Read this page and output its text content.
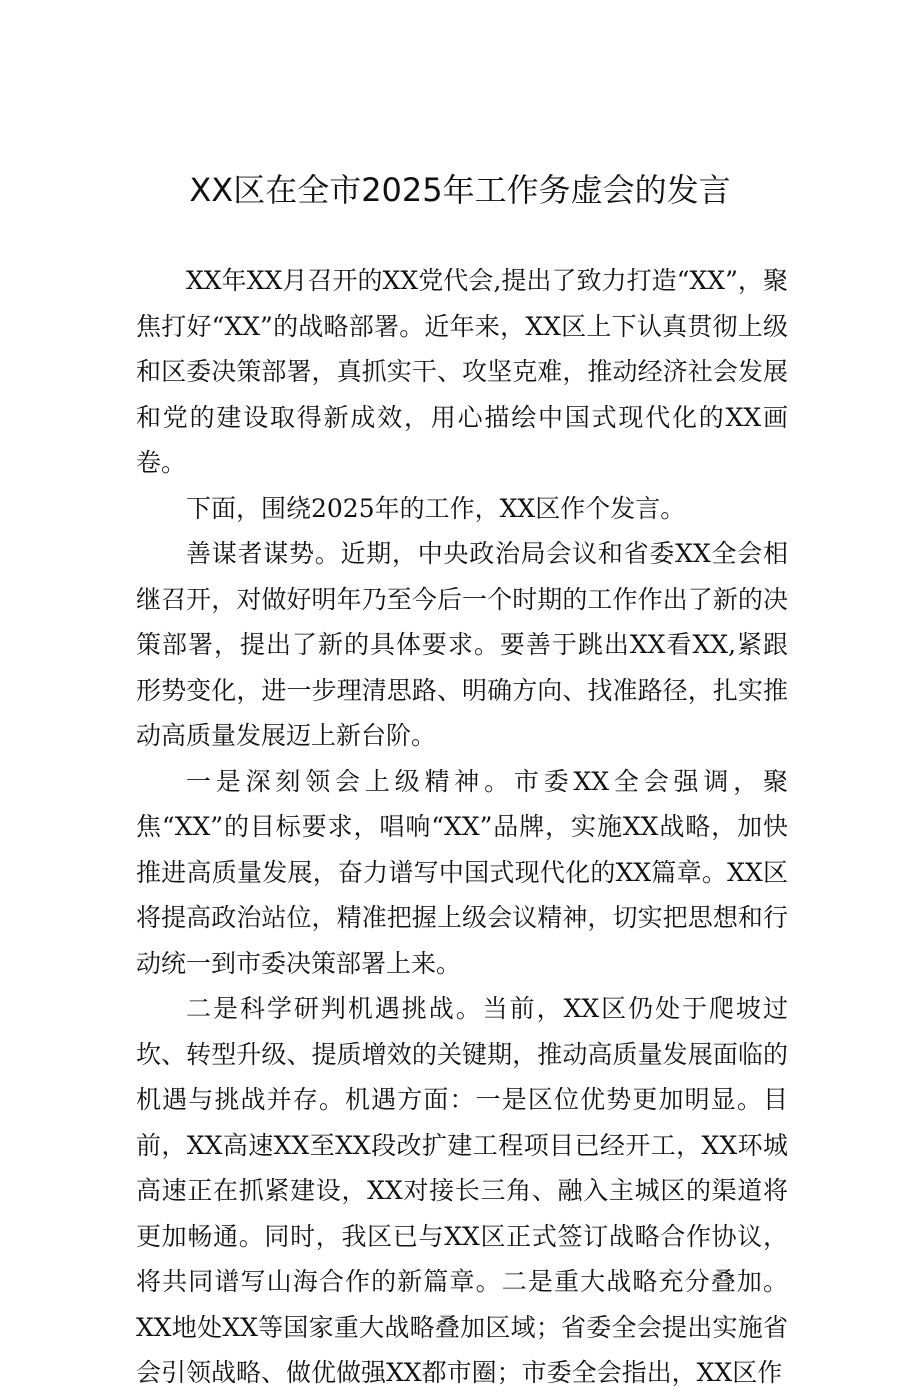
XX区在全市2025年工作务虚会的发言

XX年XX月召开的XX党代会,提出了致力打造“XX”，聚焦打好“XX”的战略部署。近年来，XX区上下认真贯彻上级和区委决策部署，真抓实干、攻坚克难，推动经济社会发展和党的建设取得新成效，用心描绘中国式现代化的XX画卷。

下面，围绕2025年的工作，XX区作个发言。

善谋者谋势。近期，中央政治局会议和省委XX全会相继召开，对做好明年乃至今后一个时期的工作作出了新的决策部署，提出了新的具体要求。要善于跳出XX看XX,紧跟形势变化，进一步理清思路、明确方向、找准路径，扎实推动高质量发展迈上新台阶。

一是深刻领会上级精神。市委XX全会强调，聚焦“XX”的目标要求，唱响“XX”品牌，实施XX战略，加快推进高质量发展，奋力谱写中国式现代化的XX篇章。XX区将提高政治站位，精准把握上级会议精神，切实把思想和行动统一到市委决策部署上来。

二是科学研判机遇挑战。当前，XX区仍处于爬坡过坎、转型升级、提质增效的关键期，推动高质量发展面临的机遇与挑战并存。机遇方面：一是区位优势更加明显。目前，XX高速XX至XX段改扩建工程项目已经开工，XX环城高速正在抓紧建设，XX对接长三角、融入主城区的渠道将更加畅通。同时，我区已与XX区正式签订战略合作协议，将共同谱写山海合作的新篇章。二是重大战略充分叠加。XX地处XX等国家重大战略叠加区域；省委全会提出实施省会引领战略、做优做强XX都市圈；市委全会指出，XX区作
